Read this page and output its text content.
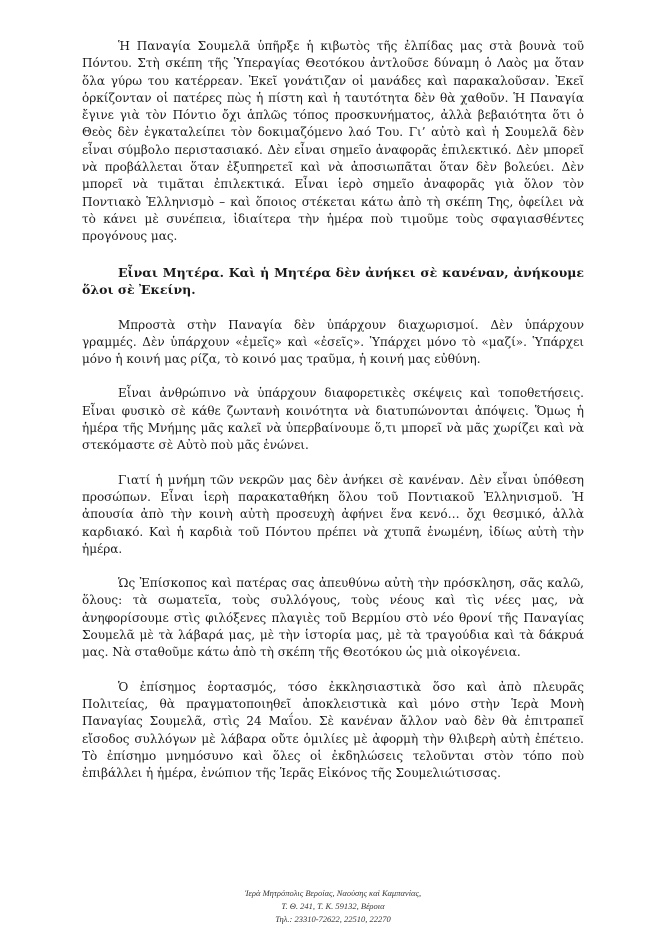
Ἡ Παναγία Σουμελᾶ ὑπῆρξε ἡ κιβωτὸς τῆς ἐλπίδας μας στὰ βουνὰ τοῦ Πόντου. Στὴ σκέπη τῆς Ὑπεραγίας Θεοτόκου ἀντλοῦσε δύναμη ὁ Λαὸς μα ὅταν ὅλα γύρω του κατέρρεαν. Ἐκεῖ γονάτιζαν οἱ μανάδες καὶ παρακαλοῦσαν. Ἐκεῖ ὁρκίζονταν οἱ πατέρες πὼς ἡ πίστη καὶ ἡ ταυτότητα δὲν θὰ χαθοῦν. Ἡ Παναγία ἔγινε γιὰ τὸν Πόντιο ὄχι ἁπλῶς τόπος προσκυνήματος, ἀλλὰ βεβαιότητα ὅτι ὁ Θεὸς δὲν ἐγκαταλείπει τὸν δοκιμαζόμενο λαό Του. Γι’ αὐτὸ καὶ ἡ Σουμελᾶ δὲν εἶναι σύμβολο περιστασιακό. Δὲν εἶναι σημεῖο ἀναφορᾶς ἐπιλεκτικό. Δὲν μπορεῖ νὰ προβάλλεται ὅταν ἐξυπηρετεῖ καὶ νὰ ἀποσιωπᾶται ὅταν δὲν βολεύει. Δὲν μπορεῖ νὰ τιμᾶται ἐπιλεκτικά. Εἶναι ἱερὸ σημεῖο ἀναφορᾶς γιὰ ὅλον τὸν Ποντιακὸ Ἑλληνισμὸ – καὶ ὅποιος στέκεται κάτω ἀπὸ τὴ σκέπη Της, ὀφείλει νὰ τὸ κάνει μὲ συνέπεια, ἰδιαίτερα τὴν ἡμέρα ποὺ τιμοῦμε τοὺς σφαγιασθέντες προγόνους μας.

Εἶναι Μητέρα. Καὶ ἡ Μητέρα δὲν ἀνήκει σὲ κανέναν, ἀνήκουμε ὅλοι σὲ Ἐκείνη.

Μπροστὰ στὴν Παναγία δὲν ὑπάρχουν διαχωρισμοί. Δὲν ὑπάρχουν γραμμές. Δὲν ὑπάρχουν «ἐμεῖς» καὶ «ἐσεῖς». Ὑπάρχει μόνο τὸ «μαζί». Ὑπάρχει μόνο ἡ κοινή μας ρίζα, τὸ κοινό μας τραῦμα, ἡ κοινή μας εὐθύνη.

Εἶναι ἀνθρώπινο νὰ ὑπάρχουν διαφορετικὲς σκέψεις καὶ τοποθετήσεις. Εἶναι φυσικὸ σὲ κάθε ζωντανὴ κοινότητα νὰ διατυπώνονται ἀπόψεις. Ὅμως ἡ ἡμέρα τῆς Μνήμης μᾶς καλεῖ νὰ ὑπερβαίνουμε ὅ,τι μπορεῖ νὰ μᾶς χωρίζει καὶ νὰ στεκόμαστε σὲ Αὐτὸ ποὺ μᾶς ἑνώνει.

Γιατί ἡ μνήμη τῶν νεκρῶν μας δὲν ἀνήκει σὲ κανέναν. Δὲν εἶναι ὑπόθεση προσώπων. Εἶναι ἱερὴ παρακαταθήκη ὅλου τοῦ Ποντιακοῦ Ἑλληνισμοῦ. Ἡ ἀπουσία ἀπὸ τὴν κοινὴ αὐτὴ προσευχὴ ἀφήνει ἕνα κενό… ὄχι θεσμικό, ἀλλὰ καρδιακό. Καὶ ἡ καρδιὰ τοῦ Πόντου πρέπει νὰ χτυπᾶ ἑνωμένη, ἰδίως αὐτὴ τὴν ἡμέρα.

Ὡς Ἐπίσκοπος καὶ πατέρας σας ἀπευθύνω αὐτὴ τὴν πρόσκληση, σᾶς καλῶ, ὅλους: τὰ σωματεῖα, τοὺς συλλόγους, τοὺς νέους καὶ τὶς νέες μας, νὰ ἀνηφορίσουμε στὶς φιλόξενες πλαγιὲς τοῦ Βερμίου στὸ νέο θρονί τῆς Παναγίας Σουμελᾶ μὲ τὰ λάβαρά μας, μὲ τὴν ἱστορία μας, μὲ τὰ τραγούδια καὶ τὰ δάκρυά μας. Νὰ σταθοῦμε κάτω ἀπὸ τὴ σκέπη τῆς Θεοτόκου ὡς μιὰ οἰκογένεια.

Ὁ ἐπίσημος ἑορτασμός, τόσο ἐκκλησιαστικὰ ὅσο καὶ ἀπὸ πλευρᾶς Πολιτείας, θὰ πραγματοποιηθεῖ ἀποκλειστικὰ καὶ μόνο στὴν Ἱερὰ Μονὴ Παναγίας Σουμελᾶ, στὶς 24 Μαΐου. Σὲ κανέναν ἄλλον ναὸ δὲν θὰ ἐπιτραπεῖ εἴσοδος συλλόγων μὲ λάβαρα οὔτε ὁμιλίες μὲ ἀφορμὴ τὴν θλιβερὴ αὐτὴ ἐπέτειο. Τὸ ἐπίσημο μνημόσυνο καὶ ὅλες οἱ ἐκδηλώσεις τελοῦνται στὸν τόπο ποὺ ἐπιβάλλει ἡ ἡμέρα, ἐνώπιον τῆς Ἱερᾶς Εἰκόνος τῆς Σουμελιώτισσας.

Ἱερὰ Μητρόπολις Βεροίας, Ναούσης καὶ Καμπανίας,
Τ. Θ. 241, Τ. Κ. 59132, Βέροια
Τηλ.: 23310-72622, 22510, 22270
